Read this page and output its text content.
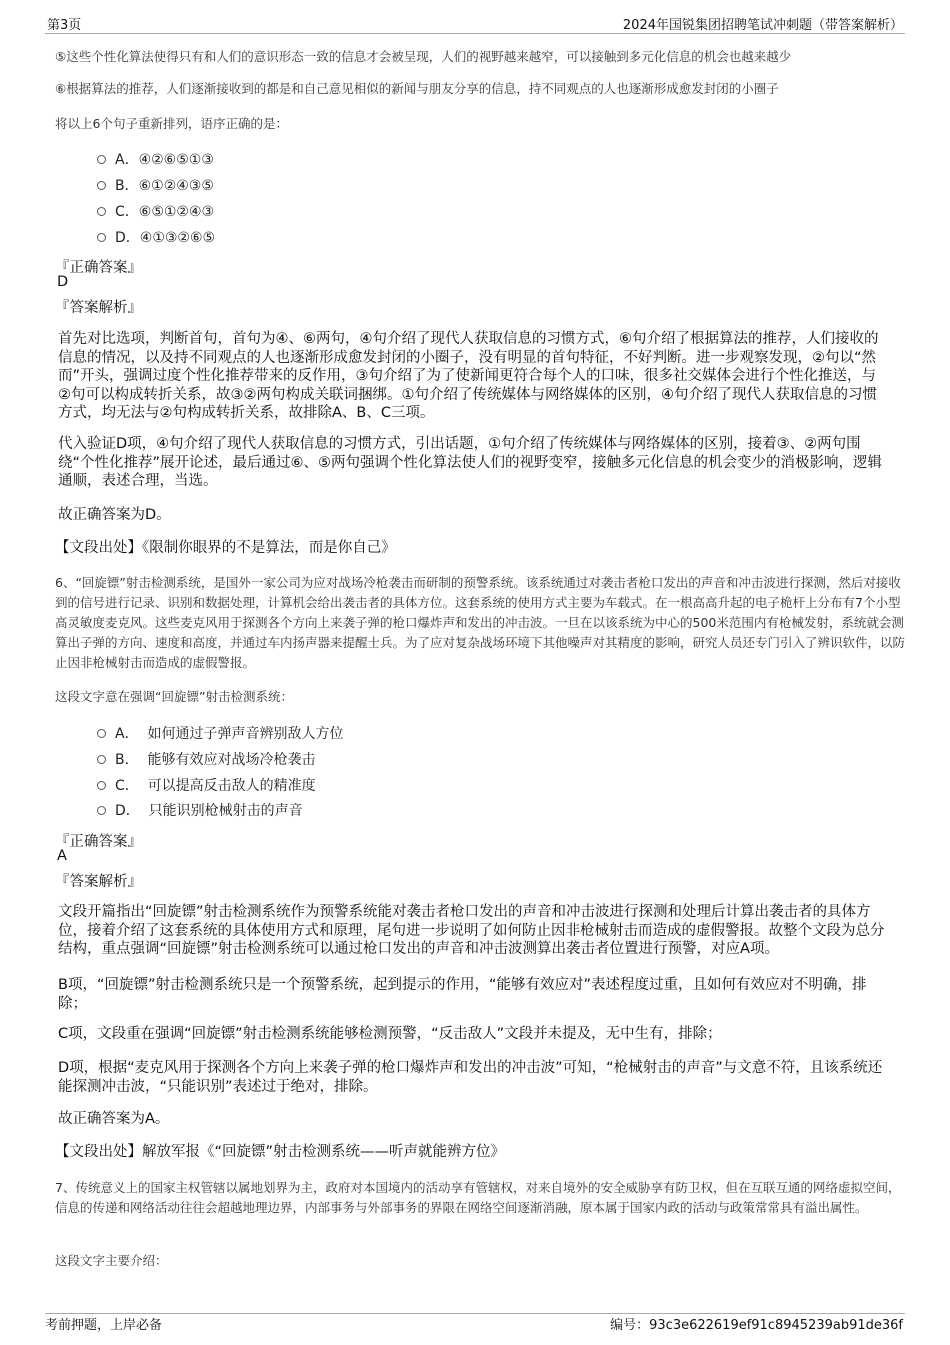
第3页	2024年国锐集团招聘笔试冲刺题（带答案解析）
⑤这些个性化算法使得只有和人们的意识形态一致的信息才会被呈现，人们的视野越来越窄，可以接触到多元化信息的机会也越来越少
⑥根据算法的推荐，人们逐渐接收到的都是和自己意见相似的新闻与朋友分享的信息，持不同观点的人也逐渐形成愈发封闭的小圈子
将以上6个句子重新排列，语序正确的是：
A．④②⑥⑤①③
B．⑥①②④③⑤
C．⑥⑤①②④③
D．④①③②⑥⑤
『正确答案』
D
『答案解析』
首先对比选项，判断首句，首句为④、⑥两句，④句介绍了现代人获取信息的习惯方式，⑥句介绍了根据算法的推荐，人们接收的信息的情况，以及持不同观点的人也逐渐形成愈发封闭的小圈子，没有明显的首句特征，不好判断。进一步观察发现，②句以“然而”开头，强调过度个性化推荐带来的反作用，③句介绍了为了使新闻更符合每个人的口味，很多社交媒体会进行个性化推送，与②句可以构成转折关系，故③②两句构成关联词捆绑。①句介绍了传统媒体与网络媒体的区别，④句介绍了现代人获取信息的习惯方式，均无法与②句构成转折关系，故排除A、B、C三项。
代入验证D项，④句介绍了现代人获取信息的习惯方式，引出话题，①句介绍了传统媒体与网络媒体的区别，接着③、②两句围绕“个性化推荐”展开论述，最后通过⑥、⑤两句强调个性化算法使人们的视野变窄，接触多元化信息的机会变少的消极影响，逻辑通顺，表述合理，当选。
故正确答案为D。
【文段出处】《限制你眼界的不是算法，而是你自己》
6、“回旋镖”射击检测系统，是国外一家公司为应对战场冷枪袭击而研制的预警系统。该系统通过对袭击者枪口发出的声音和冲击波进行探测，然后对接收到的信号进行记录、识别和数据处理，计算机会给出袭击者的具体方位。这套系统的使用方式主要为车载式。在一根高高升起的电子桅杆上分布有7个小型高灵敏度麦克风。这些麦克风用于探测各个方向上来袭子弹的枪口爆炸声和发出的冲击波。一旦在以该系统为中心的500米范围内有枪械发射，系统就会测算出子弹的方向、速度和高度，并通过车内扬声器来提醒士兵。为了应对复杂战场环境下其他噪声对其精度的影响，研究人员还专门引入了辨识软件，以防止因非枪械射击而造成的虚假警报。
这段文字意在强调“回旋镖”射击检测系统：
A．  如何通过子弹声音辨别敌人方位
B．  能够有效应对战场冷枪袭击
C．  可以提高反击敌人的精准度
D．  只能识别枪械射击的声音
『正确答案』
A
『答案解析』
文段开篇指出“回旋镖”射击检测系统作为预警系统能对袭击者枪口发出的声音和冲击波进行探测和处理后计算出袭击者的具体方位，接着介绍了这套系统的具体使用方式和原理，尾句进一步说明了如何防止因非枪械射击而造成的虚假警报。故整个文段为总分结构，重点强调“回旋镖”射击检测系统可以通过枪口发出的声音和冲击波测算出袭击者位置进行预警，对应A项。
B项，“回旋镖”射击检测系统只是一个预警系统，起到提示的作用，“能够有效应对”表述程度过重，且如何有效应对不明确，排除；
C项，文段重在强调“回旋镖”射击检测系统能够检测预警，“反击敌人”文段并未提及，无中生有，排除；
D项，根据“麦克风用于探测各个方向上来袭子弹的枪口爆炸声和发出的冲击波”可知，“枪械射击的声音”与文意不符，且该系统还能探测冲击波，“只能识别”表述过于绝对，排除。
故正确答案为A。
【文段出处】解放军报《“回旋镖”射击检测系统——听声就能辨方位》
7、传统意义上的国家主权管辖以属地划界为主，政府对本国境内的活动享有管辖权，对来自境外的安全威胁享有防卫权，但在互联互通的网络虚拟空间，信息的传递和网络活动往往会超越地理边界，内部事务与外部事务的界限在网络空间逐渐消融，原本属于国家内政的活动与政策常常具有溢出属性。
这段文字主要介绍：
考前押题，上岸必备	编号：93c3e622619ef91c8945239ab91de36f
